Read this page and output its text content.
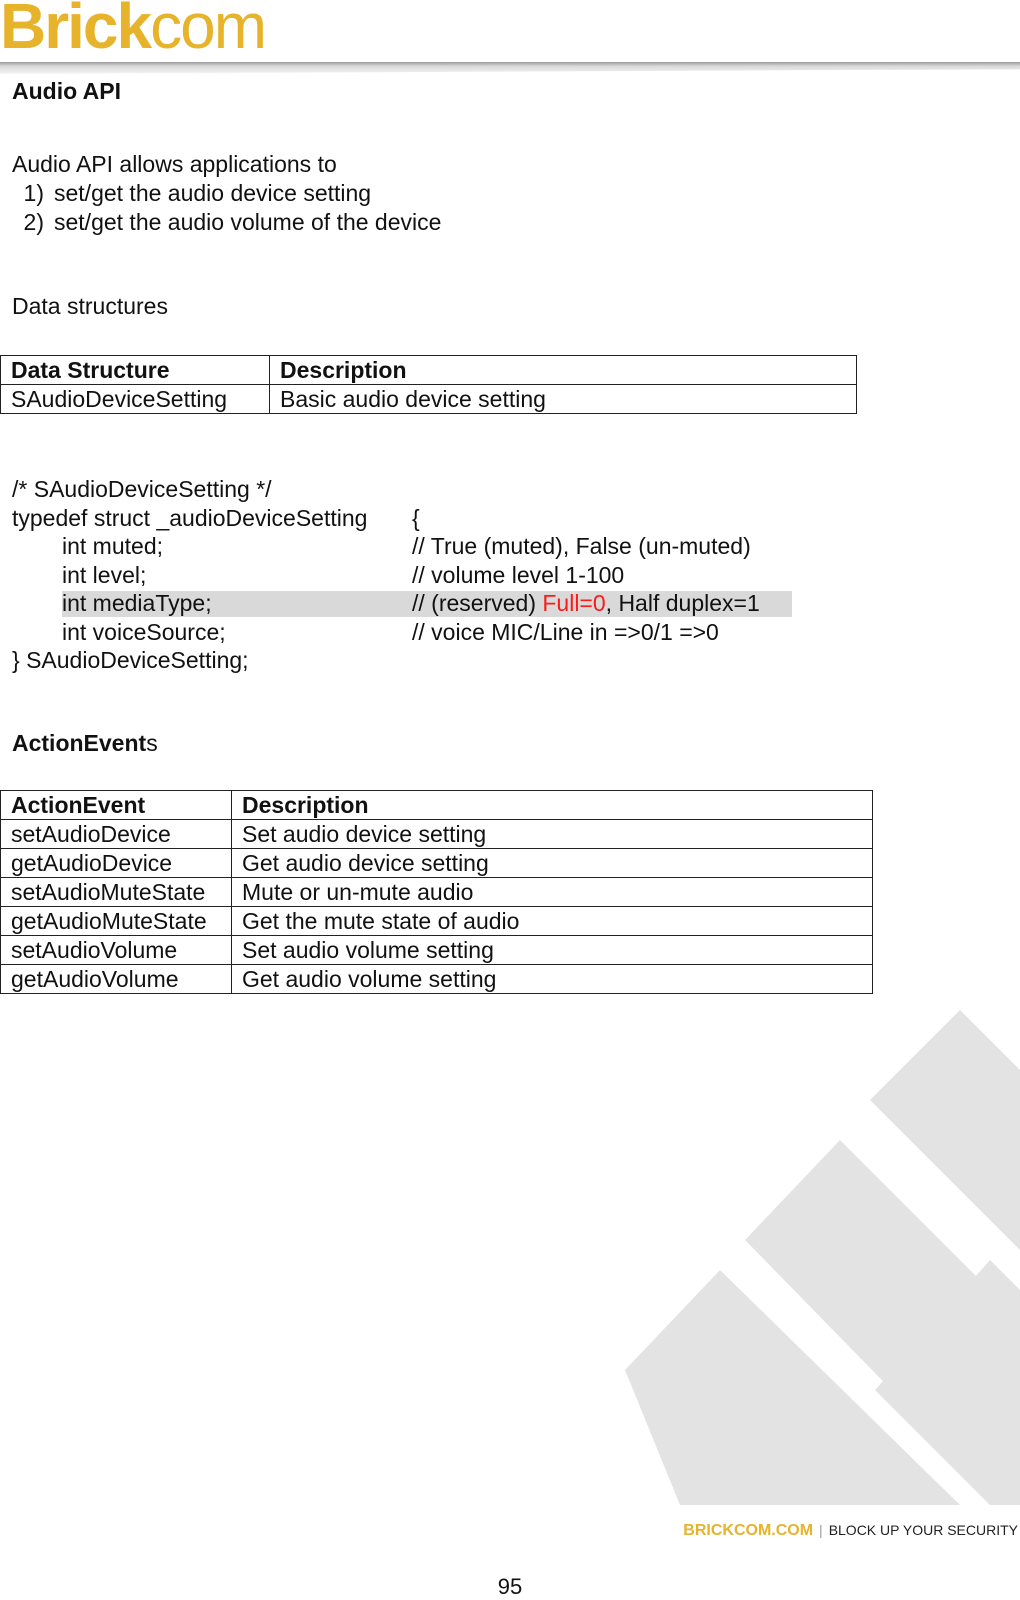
Brickcom
Audio API
Audio API allows applications to
1) set/get the audio device setting
2) set/get the audio volume of the device
Data structures
Data Structure	Description
SAudioDeviceSetting	Basic audio device setting
/* SAudioDeviceSetting */
typedef struct _audioDeviceSetting {
int muted;	// True (muted), False (un-muted)
int level;	// volume level 1-100
int mediaType;	// (reserved) Full=0, Half duplex=1
int voiceSource;	// voice MIC/Line in =>0/1 =>0
} SAudioDeviceSetting;
ActionEvents
ActionEvent	Description
setAudioDevice	Set audio device setting
getAudioDevice	Get audio device setting
setAudioMuteState	Mute or un-mute audio
getAudioMuteState	Get the mute state of audio
setAudioVolume	Set audio volume setting
getAudioVolume	Get audio volume setting
BRICKCOM.COM | BLOCK UP YOUR SECURITY
95
